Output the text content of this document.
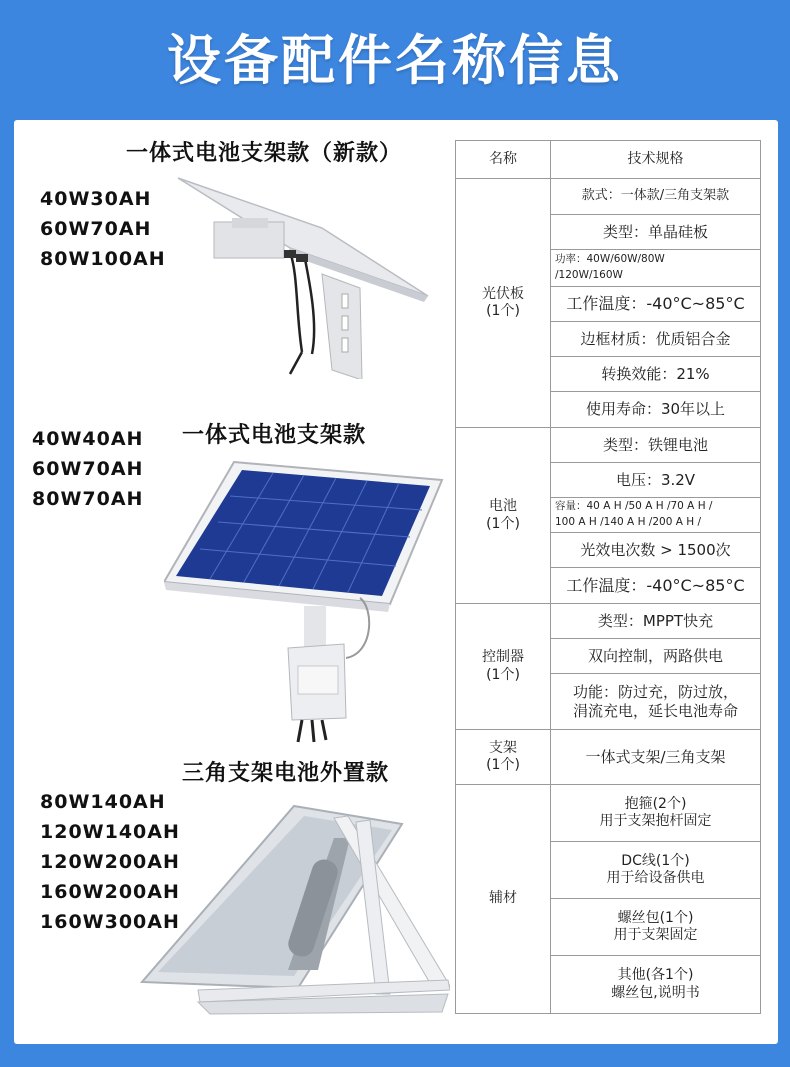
设备配件名称信息
一体式电池支架款（新款）
40W30AH
60W70AH
80W100AH
一体式电池支架款
40W40AH
60W70AH
80W70AH
三角支架电池外置款
80W140AH
120W140AH
120W200AH
160W200AH
160W300AH
名称	技术规格
光伏板
(1个)	款式：一体款/三角支架款
	类型：单晶硅板
	功率：40W/60W/80W
/120W/160W
	工作温度：-40°C~85°C
	边框材质：优质铝合金
	转换效能：21%
	使用寿命：30年以上
电池
(1个)	类型：铁锂电池
	电压：3.2V
	容量：40 A H /50 A H /70 A H /
100 A H /140 A H /200 A H /
	光效电次数 > 1500次
	工作温度：-40°C~85°C
控制器
(1个)	类型：MPPT快充
	双向控制，两路供电
	功能：防过充，防过放，
涓流充电，延长电池寿命
支架
(1个)	一体式支架/三角支架
辅材	抱箍(2个)
用于支架抱杆固定
	DC线(1个)
用于给设备供电
	螺丝包(1个)
用于支架固定
	其他(各1个)
螺丝包,说明书
